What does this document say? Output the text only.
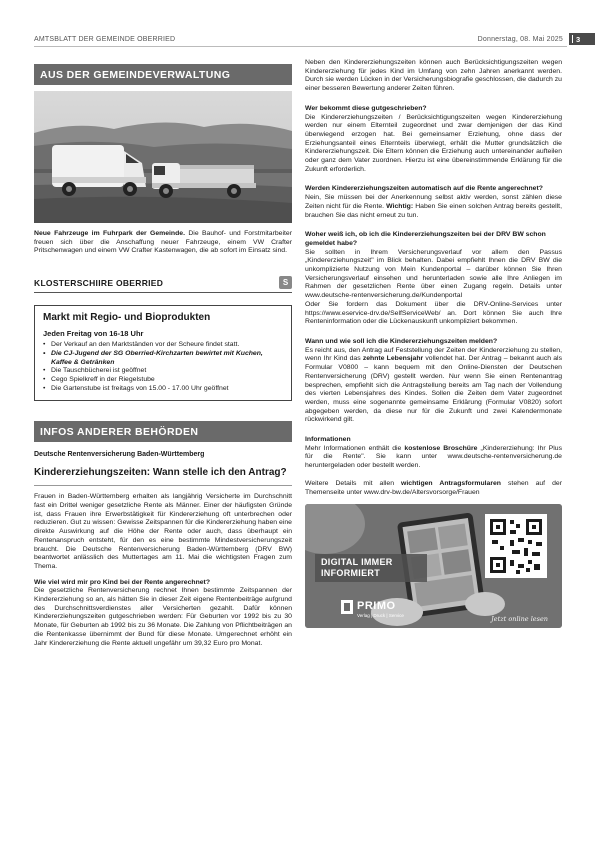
AMTSBLATT DER GEMEINDE OBERRIED	Donnerstag, 08. Mai 2025 3
AUS DER GEMEINDEVERWALTUNG

Neue Fahrzeuge im Fuhrpark der Gemeinde. Die Bauhof- und Forstmitarbeiter freuen sich über die Anschaffung neuer Fahrzeuge, einem VW Crafter Pritschenwagen und einem VW Crafter Kastenwagen, die ab sofort im Einsatz sind.

KLOSTERSCHIIRE OBERRIED	S
Markt mit Regio- und Bioprodukten
Jeden Freitag von 16-18 Uhr
• Der Verkauf an den Marktständen vor der Scheure findet statt.
• Die CJ-Jugend der SG Oberried-Kirchzarten bewirtet mit Kuchen, Kaffee & Getränken
• Die Tauschbücherei ist geöffnet
• Cego Spielkreff in der Riegelstube
• Die Gartenstube ist freitags von 15.00 - 17.00 Uhr geöffnet
INFOS ANDERER BEHÖRDEN
Deutsche Rentenversicherung Baden-Württemberg
Kindererziehungszeiten: Wann stelle ich den Antrag?

Frauen in Baden-Württemberg erhalten als langjährig Versicherte im Durchschnitt fast ein Drittel weniger gesetzliche Rente als Männer. Einer der häufigsten Gründe ist, dass Frauen ihre Erwerbstätigkeit für Kindererziehung oft unterbrechen oder reduzieren. Gut zu wissen: Gewisse Zeitspannen für die Kindererziehung haben eine direkte Auswirkung auf die Höhe der Rente oder auch, dass überhaupt ein Rentenanspruch entsteht, für den es eine bestimmte Mindestversicherungszeit braucht. Die Deutsche Rentenversicherung Baden-Württemberg (DRV BW) beantwortet anlässlich des Muttertages am 11. Mai die wichtigsten Fragen zum Thema.

Wie viel wird mir pro Kind bei der Rente angerechnet?

Die gesetzliche Rentenversicherung rechnet Ihnen bestimmte Zeitspannen der Kindererziehung so an, als hätten Sie in dieser Zeit eigene Rentenbeiträge aufgrund des Durchschnittsverdienstes aller Versicherten gezahlt. Dafür können Kindererziehungszeiten gutgeschrieben werden: Für Geburten vor 1992 bis zu 30 Monate, für Geburten ab 1992 bis zu 36 Monate. Die Zahlung von Pflichtbeiträgen an die Rentenkasse übernimmt der Bund für diese Monate. Umgerechnet erhöht ein Jahr Kindererziehung die Rente aktuell ungefähr um 39,32 Euro pro Monat.

Neben den Kindererziehungszeiten können auch Berücksichtigungszeiten wegen Kindererziehung für jedes Kind im Umfang von zehn Jahren anerkannt werden. Durch sie werden Lücken in der Versicherungsbiografie geschlossen, die dadurch zu einer besseren Bewertung anderer Zeiten führen.

Wer bekommt diese gutgeschrieben?

Die Kindererziehungszeiten / Berücksichtigungszeiten wegen Kindererziehung werden nur einem Elternteil zugeordnet und zwar demjenigen der das Kind überwiegend erzogen hat. Bei gemeinsamer Erziehung, ohne dass der Erziehungsanteil eines Elternteils überwiegt, erhält die Mutter grundsätzlich die Kindererziehungszeit. Die Eltern können die Erziehung auch untereinander aufteilen oder ganz dem Vater zuordnen. Hierzu ist eine übereinstimmende Erklärung für die Zukunft erforderlich.

Werden Kindererziehungszeiten automatisch auf die Rente angerechnet?

Nein, Sie müssen bei der Anerkennung selbst aktiv werden, sonst zählen diese Zeiten nicht für die Rente. Wichtig: Haben Sie einen solchen Antrag bereits gestellt, brauchen Sie das nicht erneut zu tun.

Woher weiß ich, ob ich die Kindererziehungszeiten bei der DRV BW schon gemeldet habe?

Sie sollten in Ihrem Versicherungsverlauf vor allem den Passus „Kindererziehungszeit" im Blick behalten. Dabei empfiehlt Ihnen die DRV BW die unkomplizierte Nutzung von Mein Kundenportal – darüber können Sie Ihren Versicherungsverlauf einsehen und herunterladen sowie alle Ihre Anliegen im Rahmen der gesetzlichen Rente über einen Zugang regeln. Details unter www.deutsche-rentenversicherung.de/Kundenportal

Oder Sie fordern das Dokument über die DRV-Online-Services unter https://www.eservice-drv.de/SelfServiceWeb/ an. Dort können Sie auch Ihre Renteninformation oder die Lückenauskunft unkompliziert bekommen.

Wann und wie soll ich die Kindererziehungszeiten melden?

Es reicht aus, den Antrag auf Feststellung der Zeiten der Kindererziehung zu stellen, wenn Ihr Kind das zehnte Lebensjahr vollendet hat. Der Antrag – bekannt auch als Formular V0800 – kann bequem mit den Online-Diensten der Deutschen Rentenversicherung (DRV) gestellt werden. Nur wenn Sie einen Rentenantrag besprechen, empfiehlt sich die Antragstellung bereits am Tag nach der Vollendung des vierten Lebensjahres des Kindes. Sollen die Zeiten dem Vater zugeordnet werden, muss eine sogenannte gemeinsame Erklärung (Formular V0820) sofort abgegeben werden, da diese nur für die Zukunft und zwei Kalendermonate rückwirkend gilt.

Informationen

Mehr Informationen enthält die kostenlose Broschüre „Kindererziehung: Ihr Plus für die Rente". Sie kann unter www.deutsche-rentenversicherung.de heruntergeladen oder bestellt werden.

Weitere Details mit allen wichtigen Antragsformularen stehen auf der Themenseite unter www.drv-bw.de/Altersvorsorge/Frauen

DIGITAL IMMER INFORMIERT
PRIMO
Verlag | Druck | Service	Jetzt online lesen
